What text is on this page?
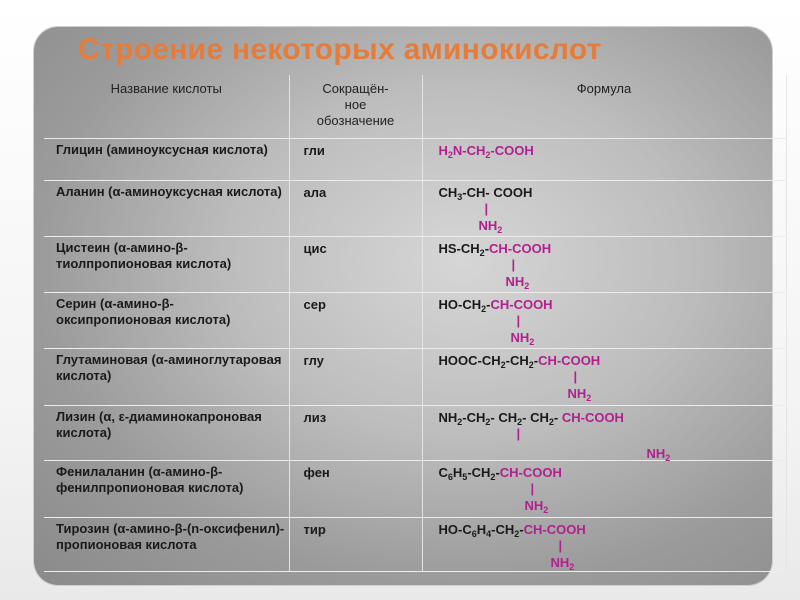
Строение некоторых аминокислот
Название кислоты	Сокращён-
ное
обозначение	Формула
Глицин (аминоуксусная кислота)	гли	$H_2N-CH_2$-COOH

Аланин (α-аминоуксусная кислота)	ала	$CH_3-CH-$ COOH
|
$NH_2$

Цистеин (α-амино-β-тиолпропионовая кислота)	цис	$HS-CH_2-CH$-COOH
|
$NH_2$

Серин (α-амино-β-оксипропионовая кислота)	сер	$HO-CH_2-CH$-COOH
|
$NH_2$

Глутаминовая (α-аминоглутаровая кислота)	глу	HOOC-$CH_2-CH_2-CH$-COOH
|
$NH_2$

Лизин (α, ε-диаминокапроновая кислота)	лиз	$NH_2-CH_2-$ $CH_2-$ $CH_2-$ CH-COOH
|
$NH_2$

Фенилаланин (α-амино-β-фенилпропионовая кислота)	фен	$C_6H_5-CH_2-CH$-COOH
|
$NH_2$

Тирозин (α-амино-β-(n-оксифенил)- пропионовая кислота	тир	$HO-C_6H_4-CH_2-CH$-COOH
|
$NH_2$
